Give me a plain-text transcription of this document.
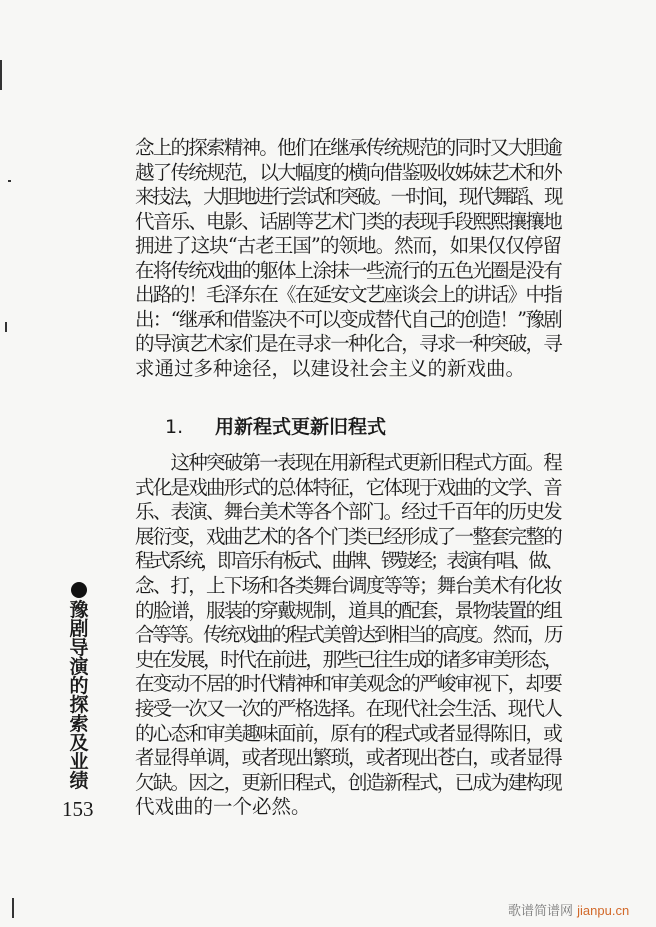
念上的探索精神。他们在继承传统规范的同时又大胆逾
越了传统规范，以大幅度的横向借鉴吸收姊妹艺术和外
来技法，大胆地进行尝试和突破。一时间，现代舞蹈、现
代音乐、电影、话剧等艺术门类的表现手段熙熙攘攘地
拥进了这块“古老王国”的领地。然而，如果仅仅停留
在将传统戏曲的躯体上涂抹一些流行的五色光圈是没有
出路的！毛泽东在《在延安文艺座谈会上的讲话》中指
出：“继承和借鉴决不可以变成替代自己的创造！”豫剧
的导演艺术家们是在寻求一种化合，寻求一种突破，寻
求通过多种途径，以建设社会主义的新戏曲。
1. 用新程式更新旧程式
　　这种突破第一表现在用新程式更新旧程式方面。程
式化是戏曲形式的总体特征，它体现于戏曲的文学、音
乐、表演、舞台美术等各个部门。经过千百年的历史发
展衍变，戏曲艺术的各个门类已经形成了一整套完整的
程式系统，即音乐有板式、曲牌、锣鼓经；表演有唱、做、
念、打，上下场和各类舞台调度等等；舞台美术有化妆
的脸谱，服装的穿戴规制，道具的配套，景物装置的组
合等等。传统戏曲的程式美曾达到相当的高度。然而，历
史在发展，时代在前进，那些已往生成的诸多审美形态，
在变动不居的时代精神和审美观念的严峻审视下，却要
接受一次又一次的严格选择。在现代社会生活、现代人
的心态和审美趣味面前，原有的程式或者显得陈旧，或
者显得单调，或者现出繁琐，或者现出苍白，或者显得
欠缺。因之，更新旧程式，创造新程式，已成为建构现
代戏曲的一个必然。
豫
剧
导
演
的
探
索
及
业
绩
153
歌谱简谱网 jianpu.cn
